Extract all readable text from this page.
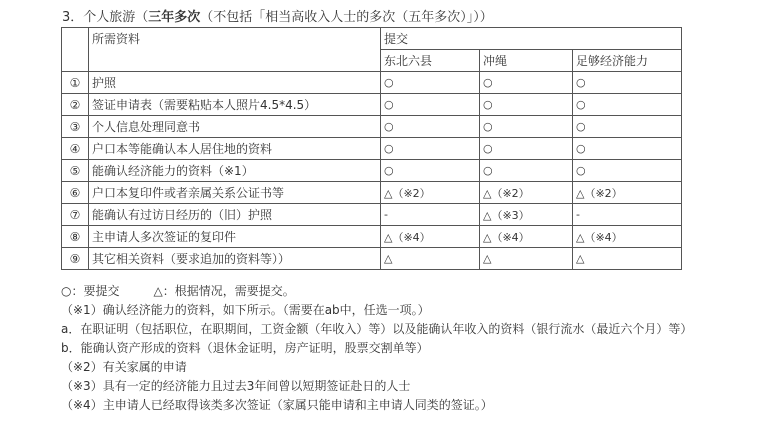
3．个人旅游（三年多次（不包括「相当高收入人士的多次（五年多次）」））
	所需资料	提交		
		东北六县	冲绳	足够经济能力
①	护照	○	○	○
②	签证申请表（需要粘贴本人照片4.5*4.5）	○	○	○
③	个人信息处理同意书	○	○	○
④	户口本等能确认本人居住地的资料	○	○	○
⑤	能确认经济能力的资料（※1）	○	○	○
⑥	户口本复印件或者亲属关系公证书等	△（※2）	△（※2）	△（※2）
⑦	能确认有过访日经历的（旧）护照	-	△（※3）	-
⑧	主申请人多次签证的复印件	△（※4）	△（※4）	△（※4）
⑨	其它相关资料（要求追加的资料等））	△	△	△
○：要提交	△：根据情况，需要提交。
（※1）确认经济能力的资料，如下所示。（需要在ab中，任选一项。）
a．在职证明（包括职位，在职期间，工资金额（年收入）等）以及能确认年收入的资料（银行流水（最近六个月）等）
b．能确认资产形成的资料（退休金证明，房产证明，股票交割单等）
（※2）有关家属的申请
（※3）具有一定的经济能力且过去3年间曾以短期签证赴日的人士
（※4）主申请人已经取得该类多次签证（家属只能申请和主申请人同类的签证。）
